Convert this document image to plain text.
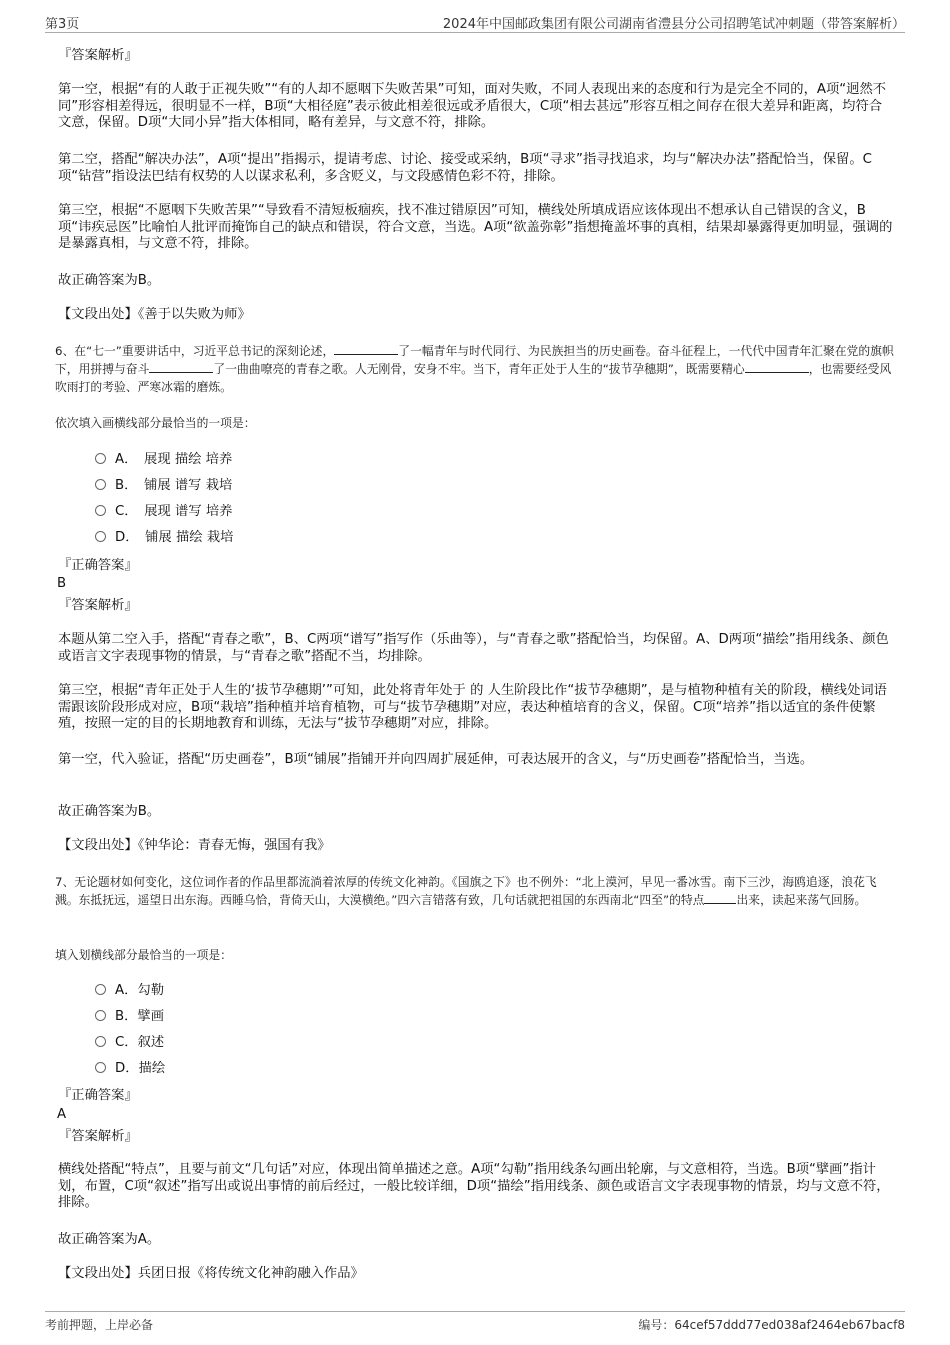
第3页	2024年中国邮政集团有限公司湖南省澧县分公司招聘笔试冲刺题（带答案解析）
『答案解析』

第一空，根据“有的人敢于正视失败”“有的人却不愿咽下失败苦果”可知，面对失败，不同人表现出来的态度和行为是完全不同的，A项“迥然不同”形容相差得远，很明显不一样，B项“大相径庭”表示彼此相差很远或矛盾很大，C项“相去甚远”形容互相之间存在很大差异和距离，均符合文意，保留。D项“大同小异”指大体相同，略有差异，与文意不符，排除。

第二空，搭配“解决办法”，A项“提出”指揭示，提请考虑、讨论、接受或采纳，B项“寻求”指寻找追求，均与“解决办法”搭配恰当，保留。C项“钻营”指设法巴结有权势的人以谋求私利，多含贬义，与文段感情色彩不符，排除。

第三空，根据“不愿咽下失败苦果”“导致看不清短板痼疾，找不准过错原因”可知，横线处所填成语应该体现出不想承认自己错误的含义，B项“讳疾忌医”比喻怕人批评而掩饰自己的缺点和错误，符合文意，当选。A项“欲盖弥彰”指想掩盖坏事的真相，结果却暴露得更加明显，强调的是暴露真相，与文意不符，排除。

故正确答案为B。

【文段出处】《善于以失败为师》

6、在“七一”重要讲话中，习近平总书记的深刻论述，	了一幅青年与时代同行、为民族担当的历史画卷。奋斗征程上，一代代中国青年汇聚在党的旗帜下，用拼搏与奋斗	了一曲曲嘹亮的青春之歌。人无刚骨，安身不牢。当下，青年正处于人生的“拔节孕穗期”，既需要精心	，也需要经受风吹雨打的考验、严寒冰霜的磨炼。
依次填入画横线部分最恰当的一项是：
A．　展现 描绘 培养
B．　铺展 谱写 栽培
C．　展现 谱写 培养
D．　铺展 描绘 栽培
『正确答案』
B
『答案解析』

本题从第二空入手，搭配“青春之歌”，B、C两项“谱写”指写作（乐曲等），与“青春之歌”搭配恰当，均保留。A、D两项“描绘”指用线条、颜色或语言文字表现事物的情景，与“青春之歌”搭配不当，均排除。

第三空，根据“青年正处于人生的‘拔节孕穗期’”可知，此处将青年处于 的 人生阶段比作“拔节孕穗期”，是与植物种植有关的阶段，横线处词语需跟该阶段形成对应，B项“栽培”指种植并培育植物，可与“拔节孕穗期”对应，表达种植培育的含义，保留。C项“培养”指以适宜的条件使繁殖，按照一定的目的长期地教育和训练，无法与“拔节孕穗期”对应，排除。

第一空，代入验证，搭配“历史画卷”，B项“铺展”指铺开并向四周扩展延伸，可表达展开的含义，与“历史画卷”搭配恰当，当选。

故正确答案为B。

【文段出处】《钟华论：青春无悔，强国有我》

7、无论题材如何变化，这位词作者的作品里都流淌着浓厚的传统文化神韵。《国旗之下》也不例外：“北上漠河，早见一番冰雪。南下三沙，海鸥追逐，浪花飞溅。东抵抚远，遥望日出东海。西睡乌恰，背倚天山，大漠横绝。”四六言错落有致，几句话就把祖国的东西南北“四至”的特点	出来，读起来荡气回肠。
填入划横线部分最恰当的一项是：
A．勾勒
B．擘画
C．叙述
D．描绘
『正确答案』
A
『答案解析』

横线处搭配“特点”，且要与前文“几句话”对应，体现出简单描述之意。A项“勾勒”指用线条勾画出轮廓，与文意相符，当选。B项“擘画”指计划，布置，C项“叙述”指写出或说出事情的前后经过，一般比较详细，D项“描绘”指用线条、颜色或语言文字表现事物的情景，均与文意不符，排除。

故正确答案为A。

【文段出处】兵团日报《将传统文化神韵融入作品》

考前押题，上岸必备	编号：64cef57ddd77ed038af2464eb67bacf8
